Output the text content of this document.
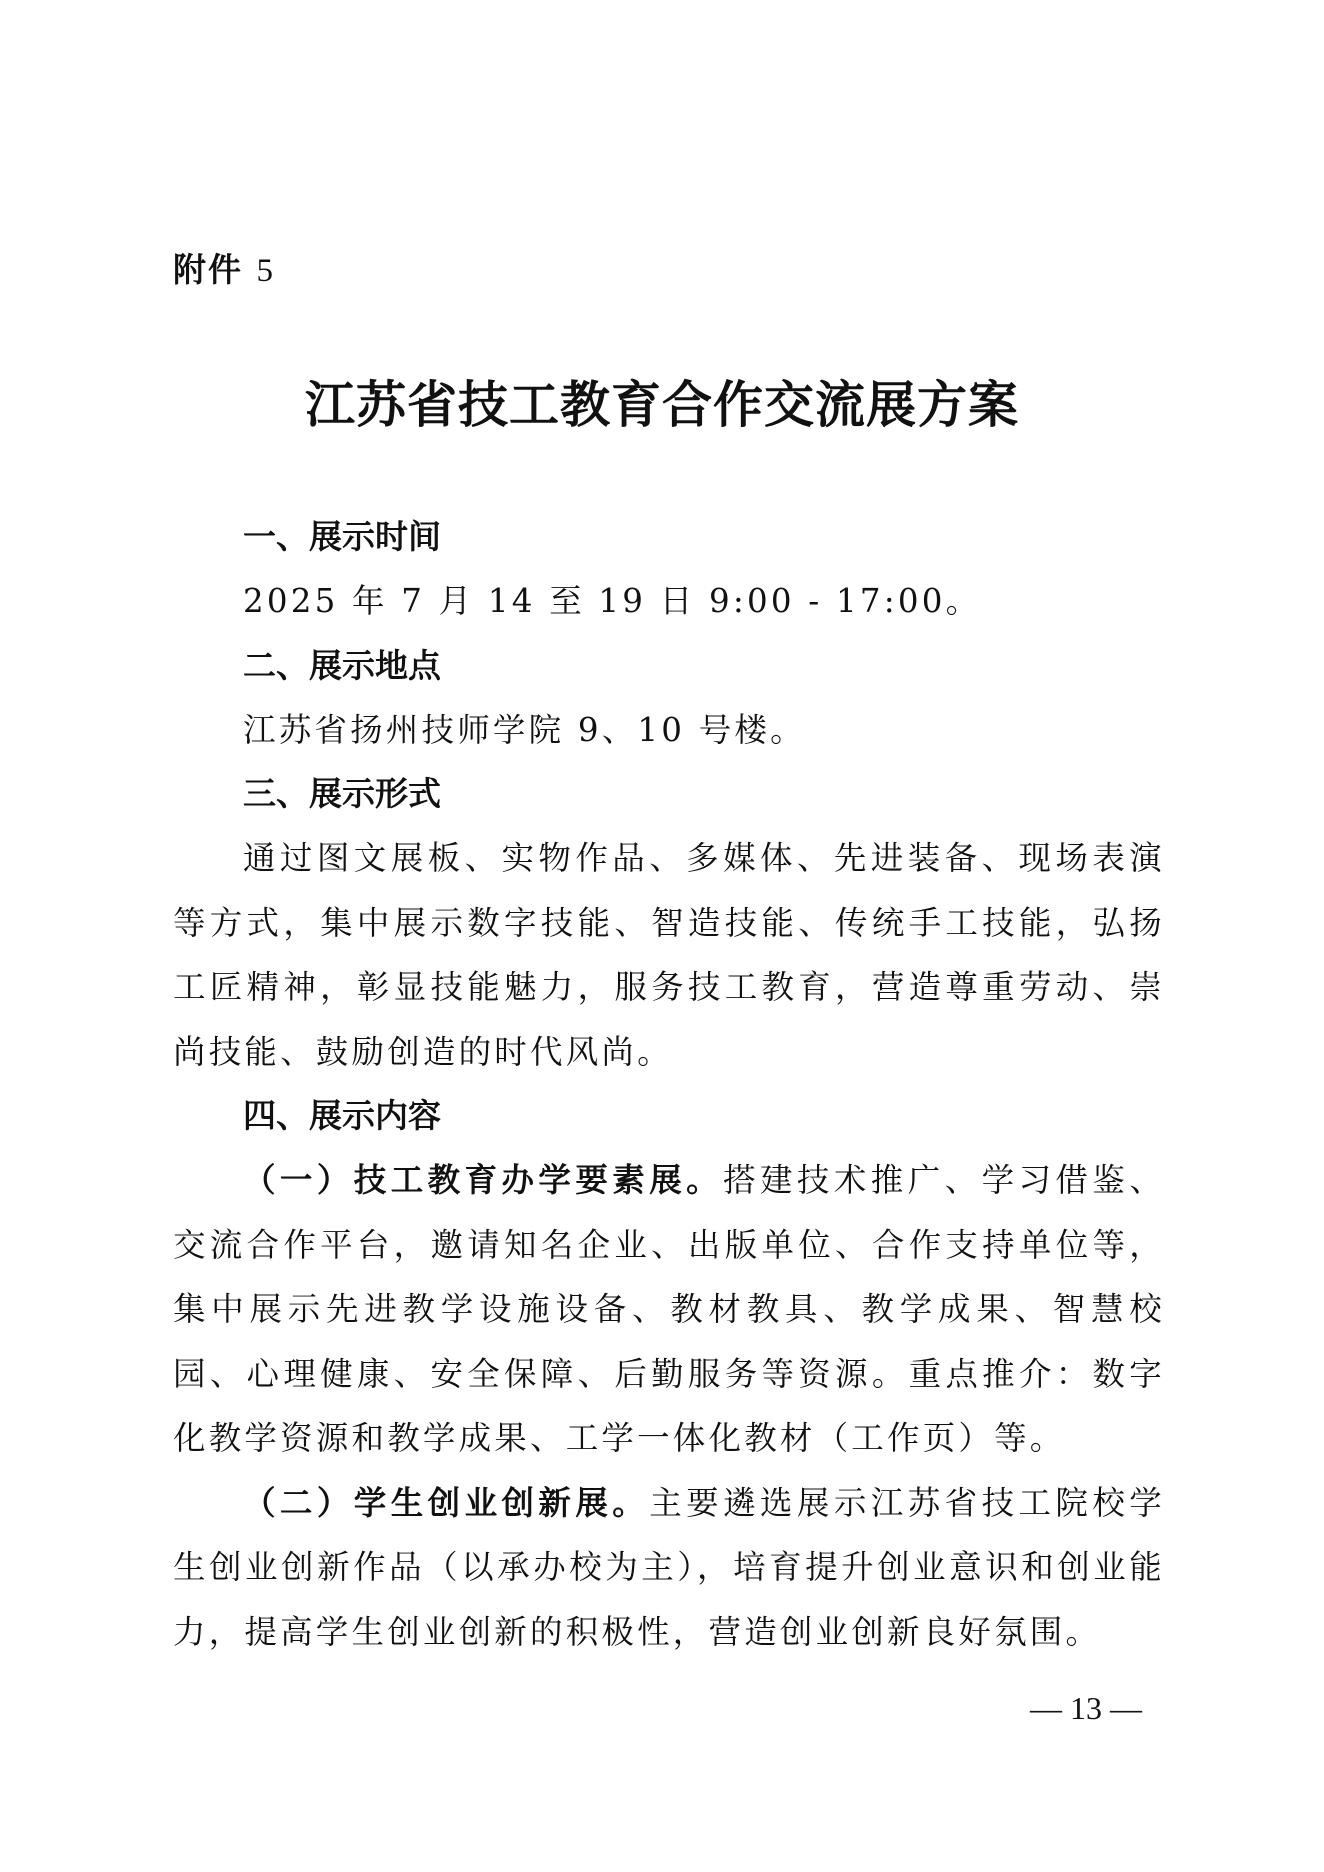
附件 5
江苏省技工教育合作交流展方案
一、展示时间

2025 年 7 月 14 至 19 日 9:00 - 17:00。

二、展示地点

江苏省扬州技师学院 9、10 号楼。

三、展示形式

通过图文展板、实物作品、多媒体、先进装备、现场表演等方式，集中展示数字技能、智造技能、传统手工技能，弘扬工匠精神，彰显技能魅力，服务技工教育，营造尊重劳动、崇尚技能、鼓励创造的时代风尚。

四、展示内容

（一）技工教育办学要素展。搭建技术推广、学习借鉴、交流合作平台，邀请知名企业、出版单位、合作支持单位等，集中展示先进教学设施设备、教材教具、教学成果、智慧校园、心理健康、安全保障、后勤服务等资源。重点推介：数字化教学资源和教学成果、工学一体化教材（工作页）等。

（二）学生创业创新展。主要遴选展示江苏省技工院校学生创业创新作品（以承办校为主），培育提升创业意识和创业能力，提高学生创业创新的积极性，营造创业创新良好氛围。

— 13 —
